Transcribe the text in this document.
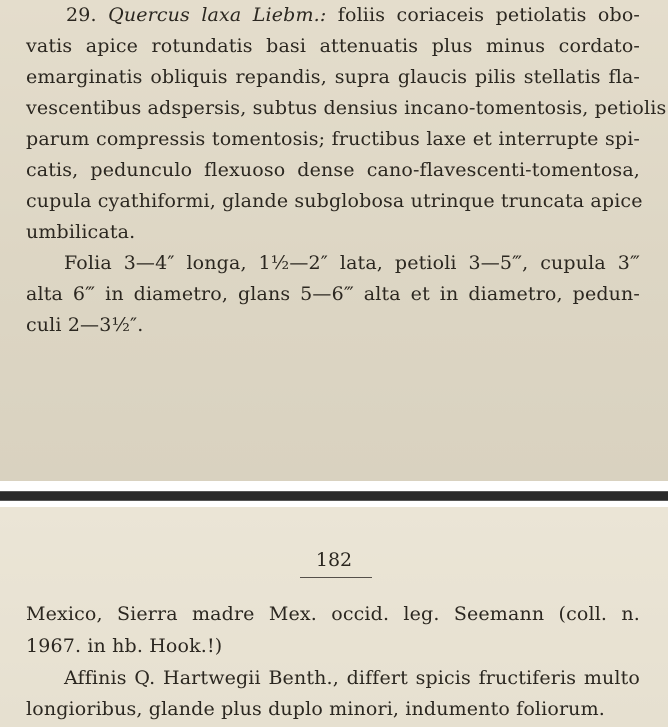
29. Quercus laxa Liebm.: foliis coriaceis petiolatis obo-
vatis apice rotundatis basi attenuatis plus minus cordato-
emarginatis obliquis repandis, supra glaucis pilis stellatis fla-
vescentibus adspersis, subtus densius incano-tomentosis, petiolis
parum compressis tomentosis; fructibus laxe et interrupte spi-
catis, pedunculo flexuoso dense cano-flavescenti-tomentosa,
cupula cyathiformi, glande subglobosa utrinque truncata apice
umbilicata.
Folia 3—4″ longa, 1½—2″ lata, petioli 3—5‴, cupula 3‴
alta 6‴ in diametro, glans 5—6‴ alta et in diametro, pedun-
culi 2—3½″.
182
Mexico, Sierra madre Mex. occid. leg. Seemann (coll. n.
1967. in hb. Hook.!)
Affinis Q. Hartwegii Benth., differt spicis fructiferis multo
longioribus, glande plus duplo minori, indumento foliorum.
